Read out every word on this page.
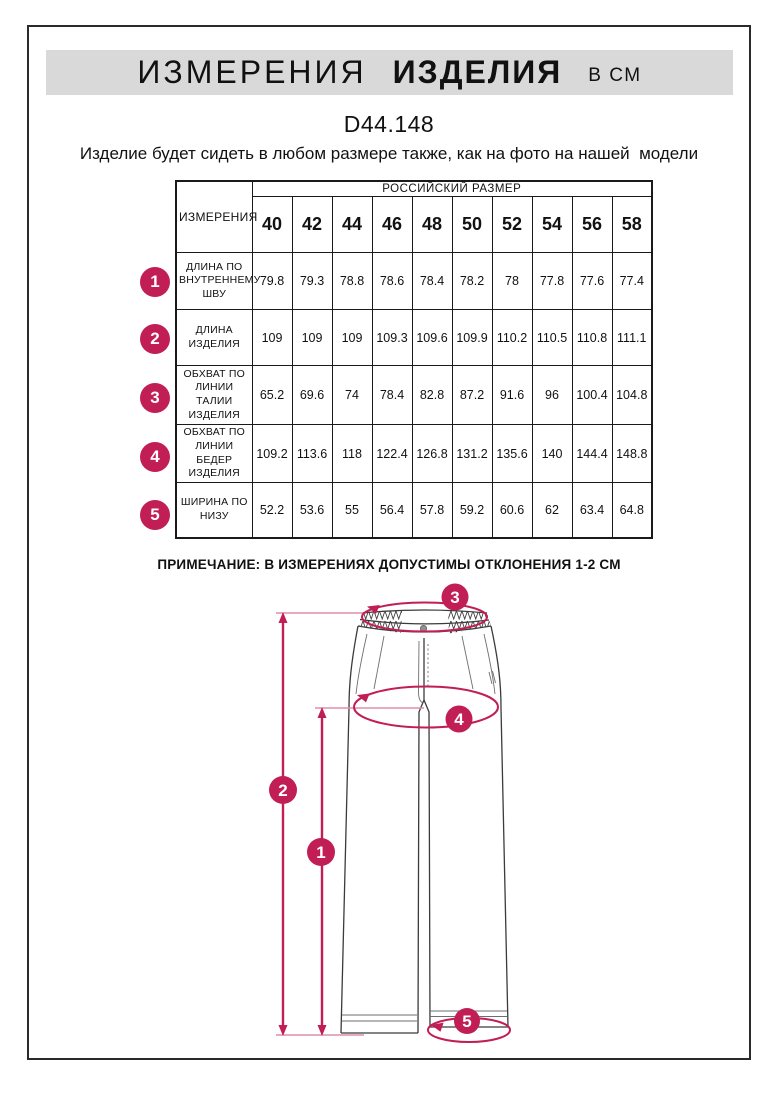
ИЗМЕРЕНИЯ ИЗДЕЛИЯ В СМ
D44.148
Изделие будет сидеть в любом размере также, как на фото на нашей  модели
1
2
3
4
5
ИЗМЕРЕНИЯ	РОССИЙСКИЙ РАЗМЕР									
	40	42	44	46	48	50	52	54	56	58
ДЛИНА ПО ВНУТРЕННЕМУ ШВУ	79.8	79.3	78.8	78.6	78.4	78.2	78	77.8	77.6	77.4
ДЛИНА ИЗДЕЛИЯ	109	109	109	109.3	109.6	109.9	110.2	110.5	110.8	111.1
ОБХВАТ ПО ЛИНИИ ТАЛИИ ИЗДЕЛИЯ	65.2	69.6	74	78.4	82.8	87.2	91.6	96	100.4	104.8
ОБХВАТ ПО ЛИНИИ БЕДЕР ИЗДЕЛИЯ	109.2	113.6	118	122.4	126.8	131.2	135.6	140	144.4	148.8
ШИРИНА ПО НИЗУ	52.2	53.6	55	56.4	57.8	59.2	60.6	62	63.4	64.8
ПРИМЕЧАНИЕ: В ИЗМЕРЕНИЯХ ДОПУСТИМЫ ОТКЛОНЕНИЯ 1-2 СМ
2
1
3
4
5
